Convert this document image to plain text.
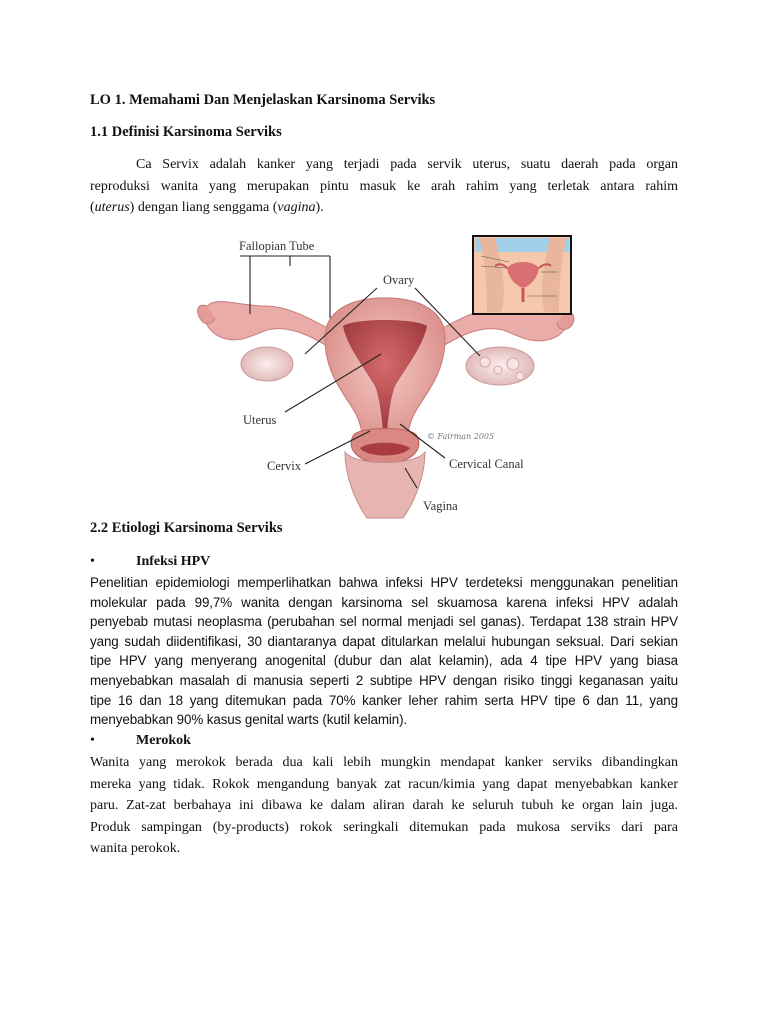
LO 1. Memahami Dan Menjelaskan Karsinoma Serviks
1.1 Definisi Karsinoma Serviks
Ca Servix adalah kanker yang terjadi pada servik uterus, suatu daerah pada organ
reproduksi wanita yang merupakan pintu masuk ke arah rahim yang terletak antara rahim
(uterus) dengan liang senggama (vagina).
Fallopian Tube
Ovary
Uterus
Cervix	Cervical Canal
Vagina
© Fairman 2005
2.2 Etiologi Karsinoma Serviks
•	Infeksi HPV
Penelitian epidemiologi memperlihatkan bahwa infeksi HPV terdeteksi menggunakan penelitian
molekular pada 99,7% wanita dengan karsinoma sel skuamosa karena infeksi HPV adalah
penyebab mutasi neoplasma (perubahan sel normal menjadi sel ganas). Terdapat 138 strain HPV
yang sudah diidentifikasi, 30 diantaranya dapat ditularkan melalui hubungan seksual. Dari sekian
tipe HPV yang menyerang anogenital (dubur dan alat kelamin), ada 4 tipe HPV yang biasa
menyebabkan masalah di manusia seperti 2 subtipe HPV dengan risiko tinggi keganasan yaitu
tipe 16 dan 18 yang ditemukan pada 70% kanker leher rahim serta HPV tipe 6 dan 11, yang
menyebabkan 90% kasus genital warts (kutil kelamin).
•	Merokok
Wanita yang merokok berada dua kali lebih mungkin mendapat kanker serviks dibandingkan
mereka yang tidak. Rokok mengandung banyak zat racun/kimia yang dapat menyebabkan kanker
paru. Zat-zat berbahaya ini dibawa ke dalam aliran darah ke seluruh tubuh ke organ lain juga.
Produk sampingan (by-products) rokok seringkali ditemukan pada mukosa serviks dari para
wanita perokok.
